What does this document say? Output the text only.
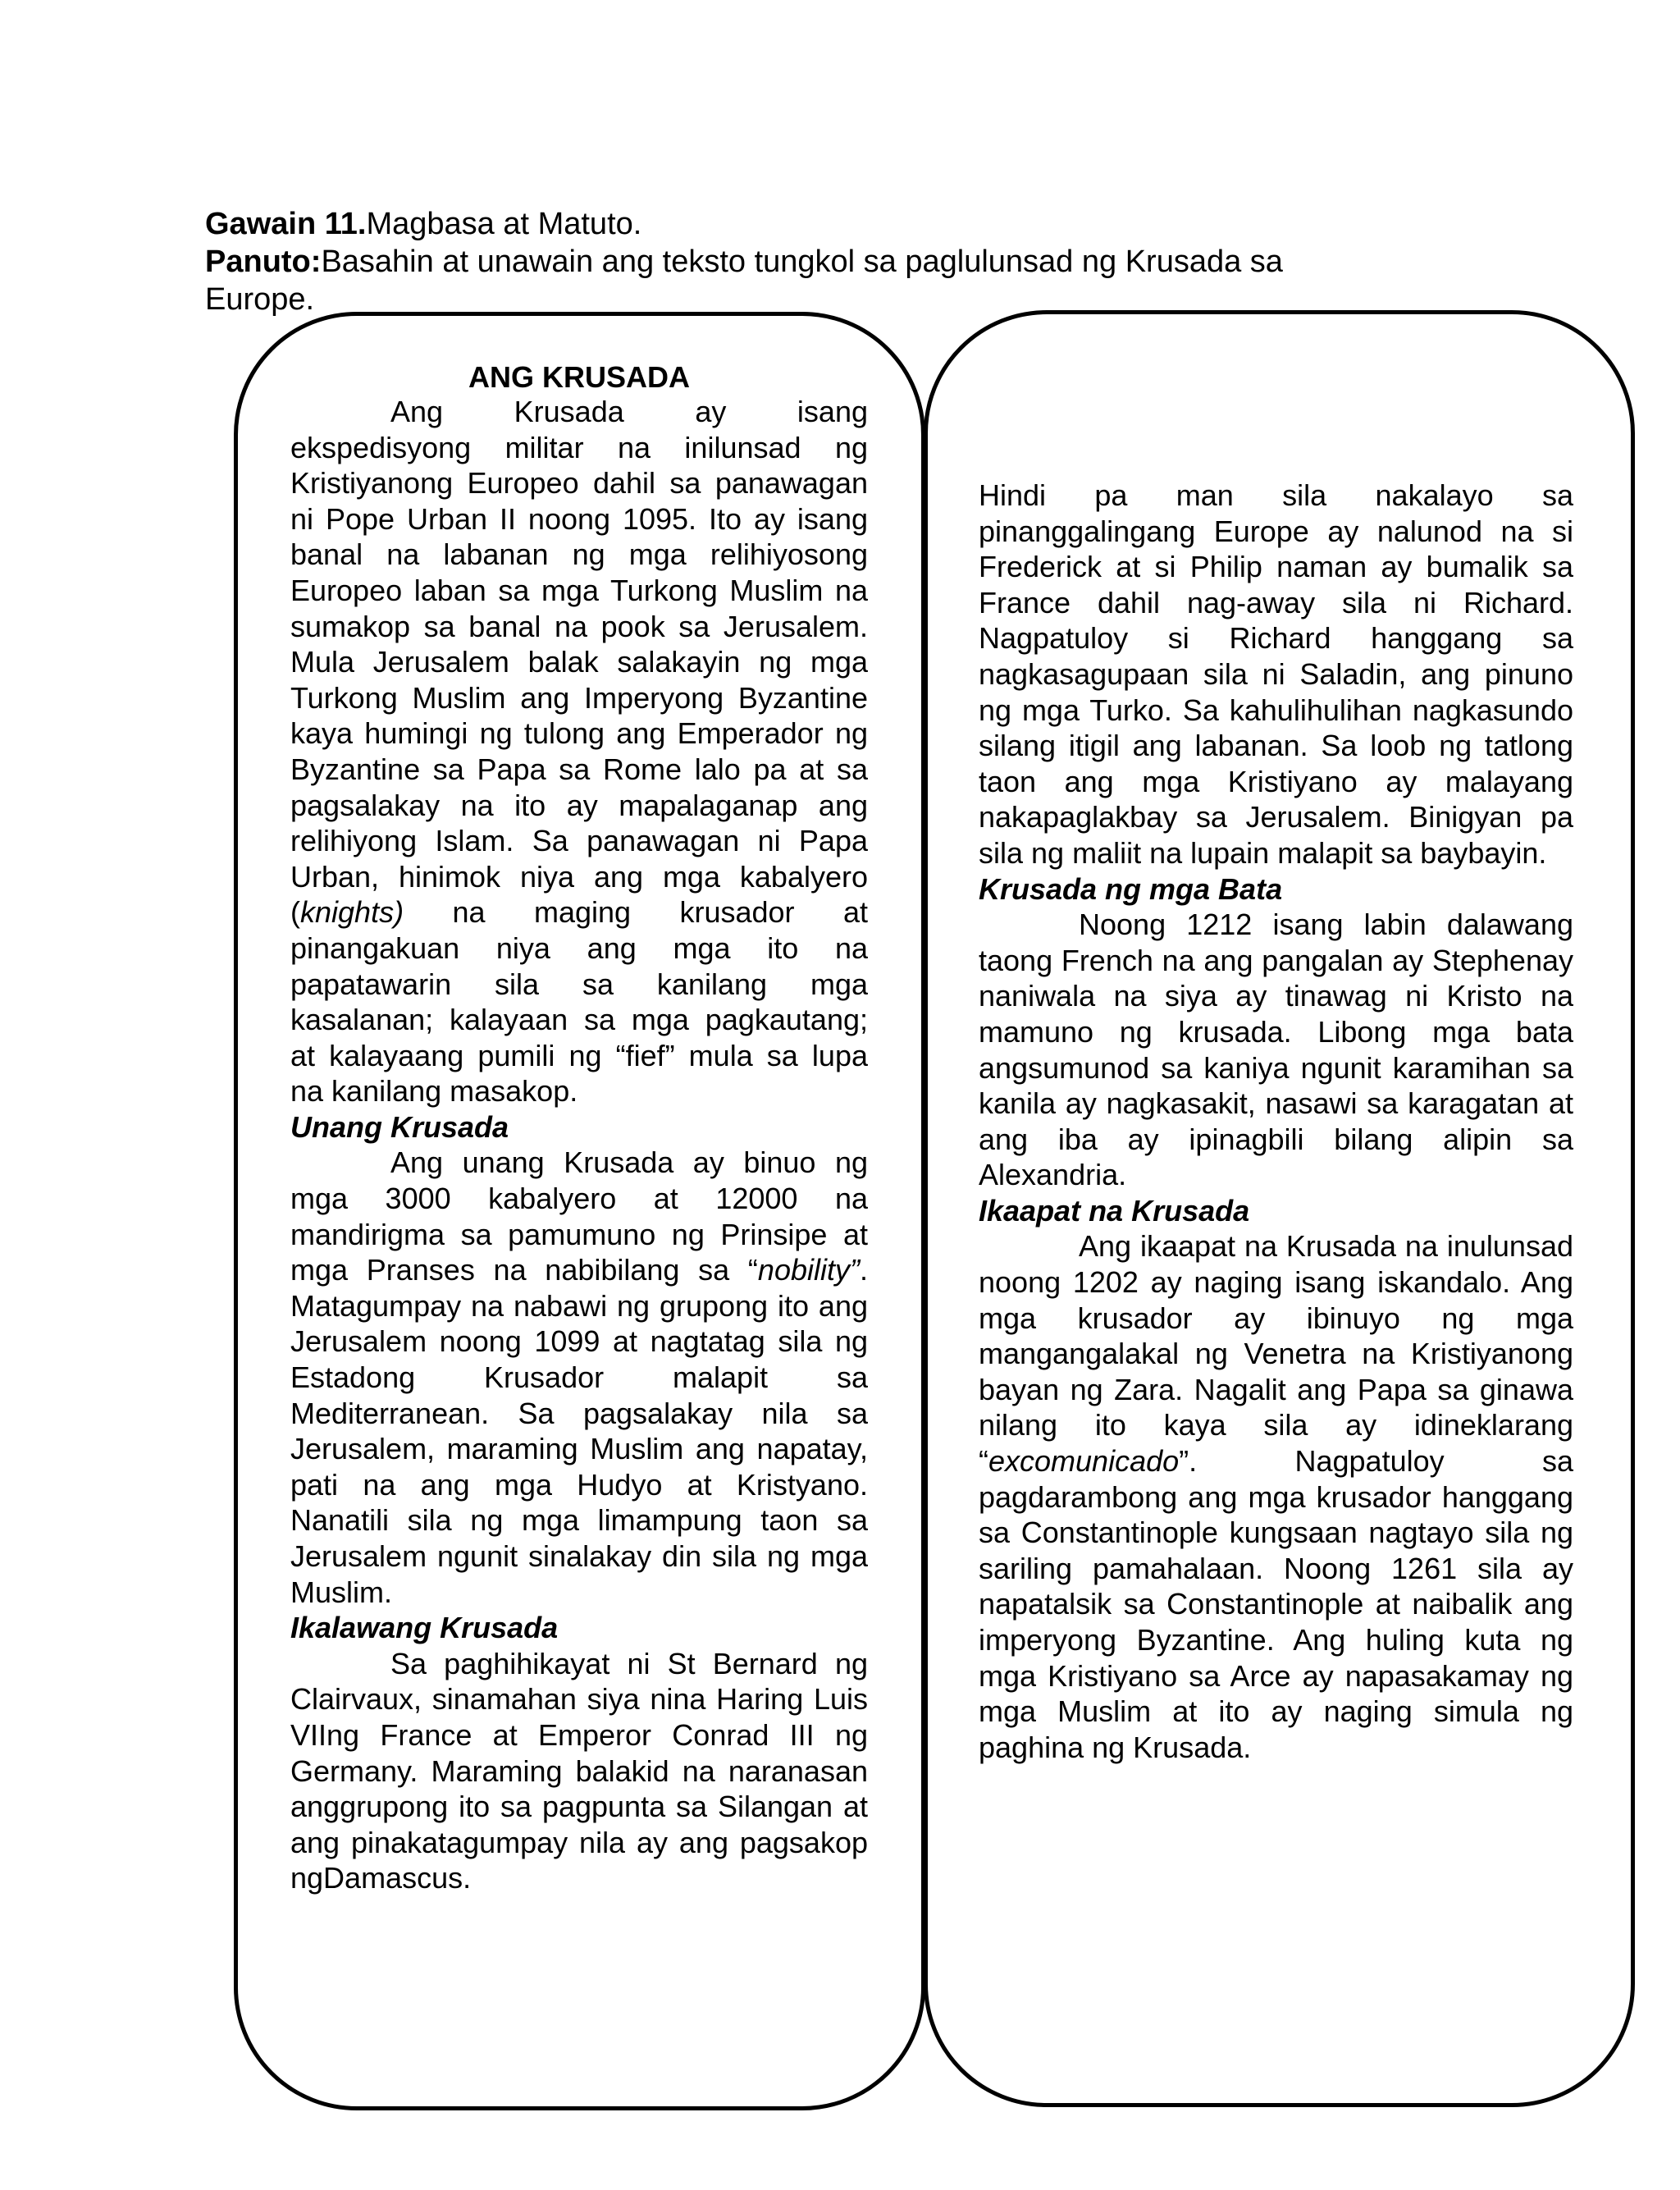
Gawain 11.Magbasa at Matuto.

Panuto:Basahin at unawain ang teksto tungkol sa paglulunsad ng Krusada sa

Europe.

ANG KRUSADA

Ang Krusada ay isang ekspedisyong militar na inilunsad ng Kristiyanong Europeo dahil sa panawagan ni Pope Urban II noong 1095. Ito ay isang banal na labanan ng mga relihiyosong Europeo laban sa mga Turkong Muslim na sumakop sa banal na pook sa Jerusalem. Mula Jerusalem balak salakayin ng mga Turkong Muslim ang Imperyong Byzantine kaya humingi ng tulong ang Emperador ng Byzantine sa Papa sa Rome lalo pa at sa pagsalakay na ito ay mapalaganap ang relihiyong Islam. Sa panawagan ni Papa Urban, hinimok niya ang mga kabalyero (knights) na maging krusador at pinangakuan niya ang mga ito na papatawarin sila sa kanilang mga kasalanan; kalayaan sa mga pagkautang; at kalayaang pumili ng “fief” mula sa lupa na kanilang masakop.

Unang Krusada

Ang unang Krusada ay binuo ng mga 3000 kabalyero at 12000 na mandirigma sa pamumuno ng Prinsipe at mga Pranses na nabibilang sa “nobility”. Matagumpay na nabawi ng grupong ito ang Jerusalem noong 1099 at nagtatag sila ng Estadong Krusador malapit sa Mediterranean. Sa pagsalakay nila sa Jerusalem, maraming Muslim ang napatay, pati na ang mga Hudyo at Kristyano. Nanatili sila ng mga limampung taon sa Jerusalem ngunit sinalakay din sila ng mga Muslim.

Ikalawang Krusada

Sa paghihikayat ni St Bernard ng Clairvaux, sinamahan siya nina Haring Luis VIIng France at Emperor Conrad III ng Germany. Maraming balakid na naranasan anggrupong ito sa pagpunta sa Silangan at ang pinakatagumpay nila ay ang pagsakop ngDamascus.

Hindi pa man sila nakalayo sa pinanggalingang Europe ay nalunod na si Frederick at si Philip naman ay bumalik sa France dahil nag-away sila ni Richard. Nagpatuloy si Richard hanggang sa nagkasagupaan sila ni Saladin, ang pinuno ng mga Turko. Sa kahulihulihan nagkasundo silang itigil ang labanan. Sa loob ng tatlong taon ang mga Kristiyano ay malayang nakapaglakbay sa Jerusalem. Binigyan pa sila ng maliit na lupain malapit sa baybayin.

Krusada ng mga Bata

Noong 1212 isang labin dalawang taong French na ang pangalan ay Stephenay naniwala na siya ay tinawag ni Kristo na mamuno ng krusada. Libong mga bata angsumunod sa kaniya ngunit karamihan sa kanila ay nagkasakit, nasawi sa karagatan at ang iba ay ipinagbili bilang alipin sa Alexandria.

Ikaapat na Krusada

Ang ikaapat na Krusada na inulunsad noong 1202 ay naging isang iskandalo. Ang mga krusador ay ibinuyo ng mga mangangalakal ng Venetra na Kristiyanong bayan ng Zara. Nagalit ang Papa sa ginawa nilang ito kaya sila ay idineklarang “excomunicado”. Nagpatuloy sa pagdarambong ang mga krusador hanggang sa Constantinople kungsaan nagtayo sila ng sariling pamahalaan. Noong 1261 sila ay napatalsik sa Constantinople at naibalik ang imperyong Byzantine. Ang huling kuta ng mga Kristiyano sa Arce ay napasakamay ng mga Muslim at ito ay naging simula ng paghina ng Krusada.
